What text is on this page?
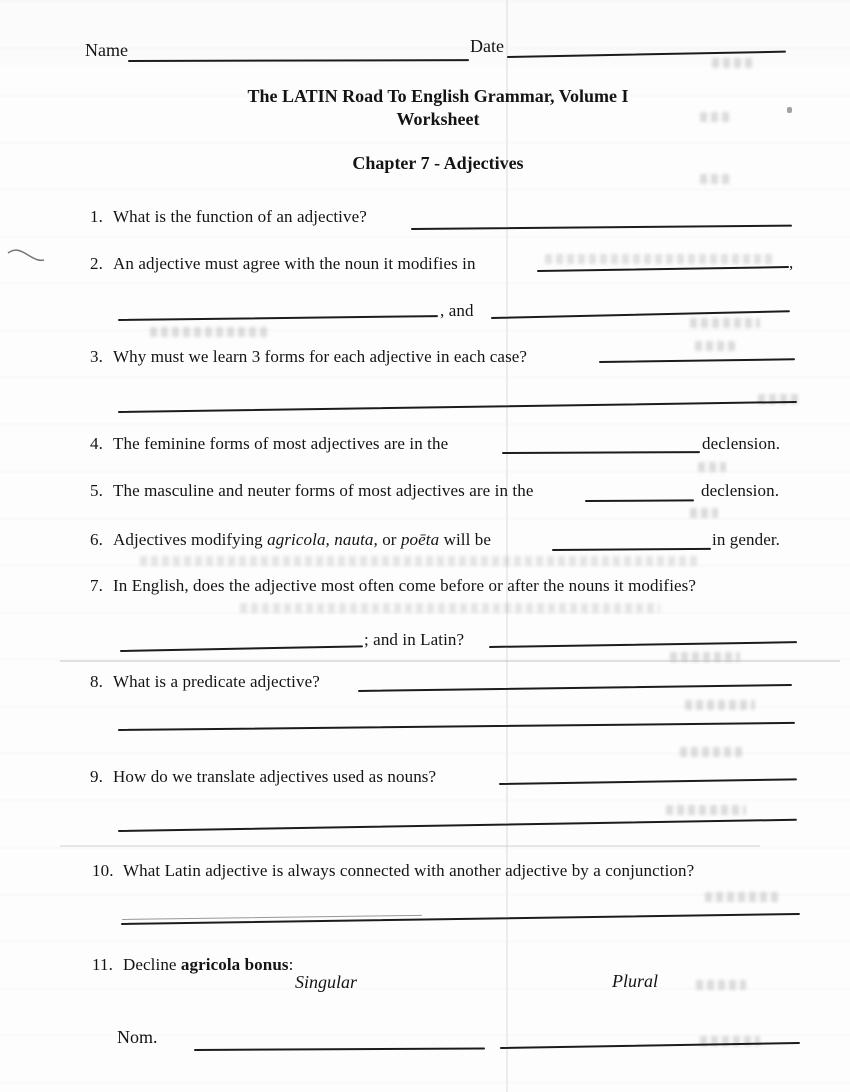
Name	Date
The LATIN Road To English Grammar, Volume I
Worksheet
Chapter 7 - Adjectives
1. What is the function of an adjective?
2. An adjective must agree with the noun it modifies in	,
, and
3. Why must we learn 3 forms for each adjective in each case?
4. The feminine forms of most adjectives are in the	declension.
5. The masculine and neuter forms of most adjectives are in the	declension.
6. Adjectives modifying agricola, nauta, or poēta will be	in gender.
7. In English, does the adjective most often come before or after the nouns it modifies?
; and in Latin?
8. What is a predicate adjective?
9. How do we translate adjectives used as nouns?
10. What Latin adjective is always connected with another adjective by a conjunction?
11. Decline agricola bonus:
Singular	Plural
Nom.
